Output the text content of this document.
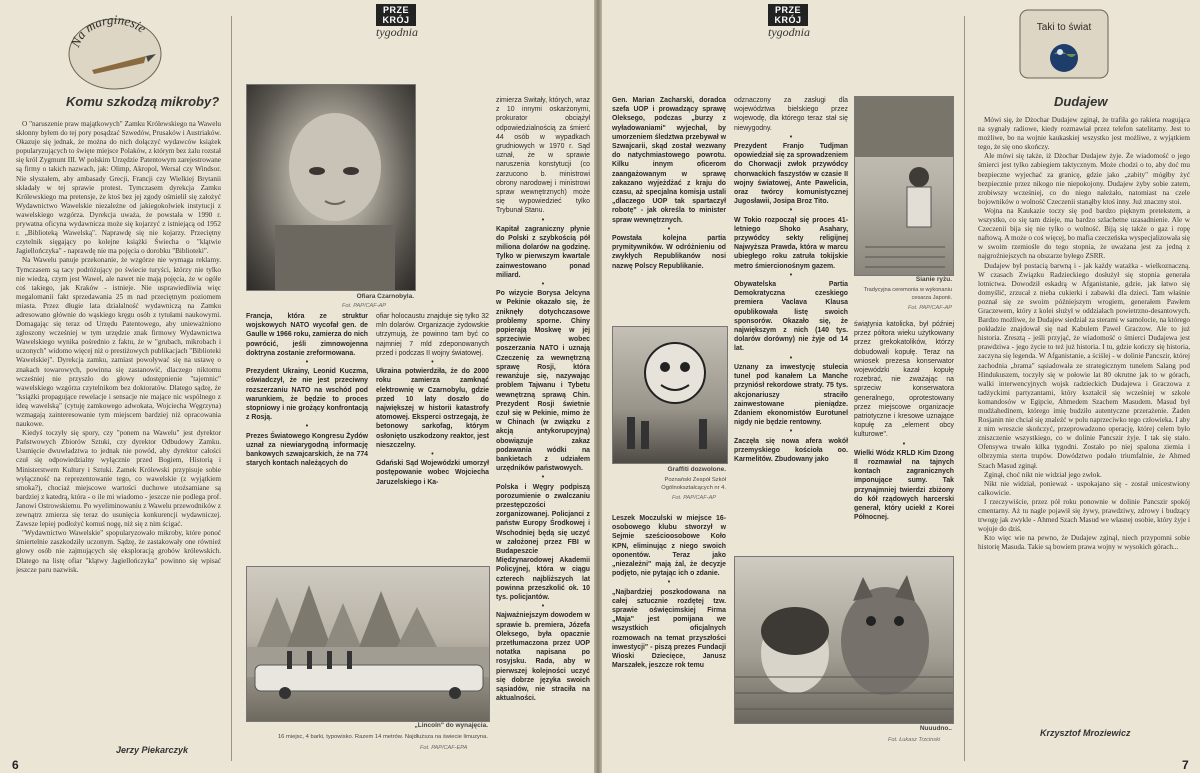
Na marginesie
Komu szkodzą mikroby?

O "naruszenie praw majątkowych" Zamku Królewskiego na Wawelu skłonny byłem do tej pory posądzać Szwedów, Prusaków i Austriaków. Okazuje się jednak, że można do nich dołączyć wydawców książek popularyzujących to święte miejsce Polaków, z którym bez żalu rozstał się król Zygmunt III. W polskim Urzędzie Patentowym zarejestrowane są firmy o takich nazwach, jak: Olimp, Akropol, Wersal czy Windsor. Nie słyszałem, aby ambasady Grecji, Francji czy Wielkiej Brytanii składały w tej sprawie protest. Tymczasem dyrekcja Zamku Królewskiego ma pretensje, że ktoś bez jej zgody ośmielił się założyć Wydawnictwo Wawelskie niezależne od jakiegokolwiek instytucji z wawelskiego wzgórza. Dyrekcja uważa, że powstała w 1990 r. prywatna oficyna wydawnicza może się kojarzyć z istniejącą od 1952 r. „Biblioteką Wawelską". Naprawdę się nie kojarzy. Przeciętny czytelnik sięgający po kolejne książki Świecha o "klątwie Jagiellończyka" - naprawdę nie ma pojęcia o dorobku "Biblioteki".

Na Wawelu panuje przekonanie, że wzgórze nie wymaga reklamy. Tymczasem są tacy podróżujący po świecie turyści, którzy nie tylko nie wiedzą, czym jest Wawel, ale nawet nie mają pojęcia, że w ogóle coś takiego, jak Kraków - istnieje. Nie usprawiedliwia więc megalomanii fakt sprzedawania 25 m nad przeciętnym poziomem miasta. Przez długie lata działalność wydawniczą na Zamku adresowano głównie do wąskiego kręgu osób z tytułami naukowymi. Domagając się teraz od Urzędu Patentowego, aby unieważniono zgłoszony wcześniej w tym urzędzie znak firmowy Wydawnictwa Wawelskiego wynika pośrednio z faktu, że w "grubach, mikrobach i uczonych" widomo więcej niż o prestiżowych publikacjach "Biblioteki Wawelskiej". Dyrekcja zamku, zamiast powoływać się na ustawę o znakach towarowych, powinna się zastanowić, dlaczego niktomu wcześniej nie przyszło do głowy udostępnienie "tajemnic" wawelskiego wzgórza czytelnikom bez doktoratów. Dlatego sądzę, że "książki propagujące rewelacje i sensacje nie mające nic wspólnego z ideą wawelską" (cytuję zamkowego adwokata, Wojciecha Węgrzyna) wzmagają zainteresowanie tym miejscem bardziej niż opracowania naukowe.

Kiedyś toczyły się spory, czy "ponem na Wawelu" jest dyrektor Państwowych Zbiorów Sztuki, czy dyrektor Odbudowy Zamku. Usunięcie dwuwładztwa to jednak nie powód, aby dyrektor całości czuł się odpowiedzialny wyłącznie przed Bogiem, Historią i Ministerstwem Kultury i Sztuki. Zamek Królewski przypisuje sobie wyłączność na reprezentowanie tego, co wawelskie (z wyjątkiem smoka?), chociaż miejscowe wartości duchowe utożsamiane są bardziej z katedrą, która - o ile mi wiadomo - jeszcze nie podlega prof. Janowi Ostrowskiemu. Po wyeliminowaniu z Wawelu przewodników z zewnątrz zmierza się teraz do usunięcia konkurencji wydawniczej. Zawsze lepiej podłożyć komuś nogę, niż się z nim ścigać.

"Wydawnictwo Wawelskie" spopularyzowało mikroby, które ponoć śmiertelnie zaszkodziły uczonym. Sądzę, że zastakowały one również głowy osób nie zajmujących się eksploracją grobów królewskich. Dlatego na listę ofiar "klątwy Jagiellończyka" powinno się wpisać jeszcze paru nazwisk.

Jerzy Piekarczyk
6
PRZE
KRÓJ
tygodnia
Ofiara Czarnobyla.
Fot. PAP/CAF-AP
Francja, która ze struktur wojskowych NATO wycofał gen. de Gaulle w 1966 roku, zamierza do nich powrócić, jeśli zimnowojenna doktryna zostanie zreformowana.
•
Prezydent Ukrainy, Leonid Kuczma, oświadczył, że nie jest przeciwny rozszerzaniu NATO na wschód pod warunkiem, że będzie to proces stopniowy i nie grożący konfrontacją z Rosją.
•
Prezes Światowego Kongresu Żydów uznał za niewiarygodną informację bankowych szwajcarskich, że na 774 starych kontach należących do
ofiar holocaustu znajduje się tylko 32 mln dolarów. Organizacje żydowskie utrzymują, że powinno tam być co najmniej 7 mld zdeponowanych przed i podczas II wojny światowej.
•
Ukraina potwierdziła, że do 2000 roku zamierza zamknąć elektrownię w Czarnobylu, gdzie przed 10 laty doszło do największej w historii katastrofy atomowej. Eksperci ostrzegają, że betonowy sarkofag, którym osłonięto uszkodzony reaktor, jest nieszczelny.
•
Gdański Sąd Wojewódzki umorzył postępowanie wobec Wojciecha Jaruzelskiego i Ka-
zimierza Świtały, których, wraz z 10 innymi oskarżonymi, prokurator obciążył odpowiedzialnością za śmierć 44 osób w wypadkach grudniowych w 1970 r. Sąd uznał, że w sprawie naruszenia konstytucji (co zarzucono b. ministrowi obrony narodowej i ministrowi spraw wewnętrznych) może się wypowiedzieć tylko Trybunał Stanu.
•
Kapitał zagraniczny płynie do Polski z szybkością pół miliona dolarów na godzinę. Tylko w pierwszym kwartale zainwestowano ponad miliard.
•
Po wizycie Borysa Jelcyna w Pekinie okazało się, że zniknęły dotychczasowe problemy sporne. Chiny popierają Moskwę w jej sprzeciwie wobec poszerzania NATO i uznają Czeczenię za wewnętrzną sprawę Rosji, która rewanżuje się, nazywając problem Tajwanu i Tybetu wewnętrzną sprawą Chin. Prezydent Rosji świetnie czuł się w Pekinie, mimo że w Chinach (w związku z akcją antykorupcyjną) obowiązuje zakaz podawania wódki na bankietach z udziałem urzędników państwowych.
•
Polska i Węgry podpiszą porozumienie o zwalczaniu przestępczości zorganizowanej. Policjanci z państw Europy Środkowej i Wschodniej będą się uczyć w założonej przez FBI w Budapeszcie Międzynarodowej Akademii Policyjnej, która w ciągu czterech najbliższych lat powinna przeszkolić ok. 10 tys. policjantów.
•
Najważniejszym dowodem w sprawie b. premiera, Józefa Oleksego, była opacznie przetłumaczona przez UOP notatka napisana po rosyjsku. Rada, aby w pierwszej kolejności uczyć się dobrze języka swoich sąsiadów, nie straciła na aktualności.
„Lincoln" do wynajęcia.
16 miejsc, 4 barki, typowisko. Razem 14 metrów. Najdłuższa na świecie limuzyna.
Fot. PAP/CAF-EPA
PRZE
KRÓJ
tygodnia
Gen. Marian Zacharski, doradca szefa UOP i prowadzący sprawę Oleksego, podczas „burzy z wyładowaniami" wyjechał, by umorzeniem śledztwa przebywał w Szwajcarii, skąd został wezwany do natychmiastowego powrotu. Kilku innym oficerom zaangażowanym w sprawę zakazano wyjeżdżać z kraju do czasu, aż specjalna komisja ustali „dlaczego UOP tak spartaczył robotę" - jak określa to minister spraw wewnętrznych.
•
Powstała kolejna partia prymitywników. W odróżnieniu od zwykłych Republikanów nosi nazwę Polscy Republikanie.
Graffiti dozwolone.
Poznański Zespół Szkół Ogólnokształcących nr 4.
Fot. PAP/CAF-AP
Leszek Moczulski w miejsce 16-osobowego klubu stworzył w Sejmie sześcioosobowe Koło KPN, eliminując z niego swoich oponentów. Teraz jako „niezależni" mają żal, że decyzje podjęto, nie pytając ich o zdanie.
•
„Najbardziej poszkodowana na całej sztucznie rozdętej tzw. sprawie oświęcimskiej Firma „Maja" jest pomijana we wszystkich oficjalnych rozmowach na temat przyszłości inwestycji" - piszą prezes Fundacji Wioski Dziecięce, Janusz Marszałek, jeszcze rok temu
odznaczony za zasługi dla województwa bielskiego przez wojewodę, dla którego teraz stał się niewygodny.
•
Prezydent Franjo Tudjman opowiedział się za sprowadzeniem do Chorwacji zwłok przywódcy chorwackich faszystów w czasie II wojny światowej, Ante Pawelicia, oraz twórcy komunistycznej Jugosławii, Josipa Broz Tito.
•
W Tokio rozpoczął się proces 41-letniego Shoko Asahary, przywódcy sekty religijnej Najwyższa Prawda, która w marcu ubiegłego roku zatruła tokijskie metro śmiercionośnym gazem.
•
Obywatelska Partia Demokratyczna czeskiego premiera Vaclava Klausa opublikowała listę swoich sponsorów. Okazało się, że największym z nich (140 tys. dolarów dorówny) nie żyje od 14 lat.
•
Uznany za inwestycję stulecia tunel pod kanałem La Manche przyniósł rekordowe straty. 75 tys. akcjonariuszy straciło zainwestowane pieniądze. Zdaniem ekonomistów Eurotunel nigdy nie będzie rentowny.
•
Zaczęła się nowa afera wokół przemyskiego kościoła oo. Karmelitów. Zbudowany jako
Sianie ryżu.
Tradycyjna ceremonia w wykonaniu cesarza Japonii.
Fot. PAP/CAF-AP
świątynia katolicka, był później przez półtora wieku użytkowany przez grekokatolików, którzy dobudowali kopułę. Teraz na wniosek prezesa konserwator wojewódzki kazał kopułę rozebrać, nie zważając na sprzeciw konserwatora generalnego, oprotestowany przez miejscowe organizacje patriotyczne i kresowe uznające kopułę za „element obcy kulturowe".
•
Wielki Wódz KRLD Kim Dzong Il rozmawiał na tajnych kontach zagranicznych imponujące sumy. Tak przynajmniej twierdzi zbiżony do kół rządowych harcerski generał, który uciekł z Korei Północnej.
Nuuudno..
Fot. Łukasz Trzcinski
Taki to świat
Dudajew

Mówi się, że Dżochar Dudajew zginął, że trafiła go rakieta reagująca na sygnały radiowe, kiedy rozmawiał przez telefon satelitarny. Jest to możliwe, bo na wojnie kaukaskiej wszystko jest możliwe, z wyjątkiem tego, że się ono skończy.

Ale mówi się także, iż Dżochar Dudajew żyje. Że wiadomość o jego śmierci jest tylko zabiegiem taktycznym. Może chodzi o to, aby doć mu bezpieczne wyjechać za granicę, gdzie jako „zabity" mógłby żyć bezpiecznie przez nikogo nie niepokojony. Dudajew żyby sobie zatem, zrobiwszy wcześniej, co do niego należało, natomiast na czele bojowników o wolność Czeczenii stanąłby ktoś inny. Już znaczny stoi.

Wojna na Kaukazie toczy się pod bardzo pięknym pretekstem, a wszystko, co się tam dzieje, ma bardzo szlachetne uzasadnienie. Ale w Czeczenii bija się nie tylko o wolność. Biją się także o gaz i ropę naftową. A może o coś więcej, bo mafia czeczeńska wyspecjalizowała się w swoim rzemiośle do tego stopnia, że uważana jest za jedną z najgroźniejszych na obszarze byłego ZSRR.

Dudajew był postacią barwną i - jak każdy watażka - wielkoznaczną. W czasach Związku Radzieckiego dosłużył się stopnia generała lotnictwa. Dowodził eskadrą w Afganistanie, gdzie, jak łatwo się domyślić, zrzucał z nieba cukierki i zabawki dla dzieci. Tam właśnie poznał się ze swoim późniejszym wrogiem, generałem Pawłem Graczewem, który z kolei służył w oddziałach powietrzno-desantowych. Bardzo możliwe, że Dudajew siedział za sterami w samolocie, na którego pokładzie znajdował się nad Kabulem Paweł Graczow. Ale to już historia. Zresztą - jeśli przyjąć, że wiadomość o śmierci Dudajewa jest prawdziwa - jego życie to też już historia. I tu, gdzie kończy się historia, zaczyna się legenda. W Afganistanie, a ściślej - w dolinie Pancszir, której zachodnia „brama" sąsiadowała ze strategicznym tunelem Salang pod Hindukuszem, toczyły się w połowie lat 80 okrutne jak to w górach, walki interwencyjnych wojsk radzieckich Dudajewa i Graczowa z tadżyckimi partyzantami, który kształcił się wcześniej w szkole komandosów w Egipcie, Ahmedem Szachem Masudem. Masud był mudżahedinem, którego imię budziło autentyczne przerażenie. Żaden Rosjanin nie chciał się znaleźć w polu naprzeciwko tego człowieka. I aby z nim wreszcie skończyć, przeprowadzono operację, której celem było zniszczenie wszystkiego, co w dolinie Pancszir żyje. I tak się stało. Ofensywa trwało kilka tygodni. Zostało po niej spalona ziemia i olbrzymia sterta trupów. Dowództwo podało triumfalnie, że Ahmed Szach Masud zginął.

Zginął, choć nikt nie widział jego zwłok.

Nikt nie widział, ponieważ - uspokajano się - został unicestwiony całkowicie.

I rzeczywiście, przez pół roku ponownie w dolinie Pancszir spokój cmentarny. Aż tu nagle pojawił się żywy, prawdziwy, zdrowy i budzący trwogę jak zwykle - Ahmed Szach Masud we własnej osobie, który żyje i wojuje do dziś.

Kto więc wie na pewno, że Dudajew zginął, niech przypomni sobie historię Masuda. Takie są bowiem prawa wojny w wysokich górach...

Krzysztof Mroziewicz
7
